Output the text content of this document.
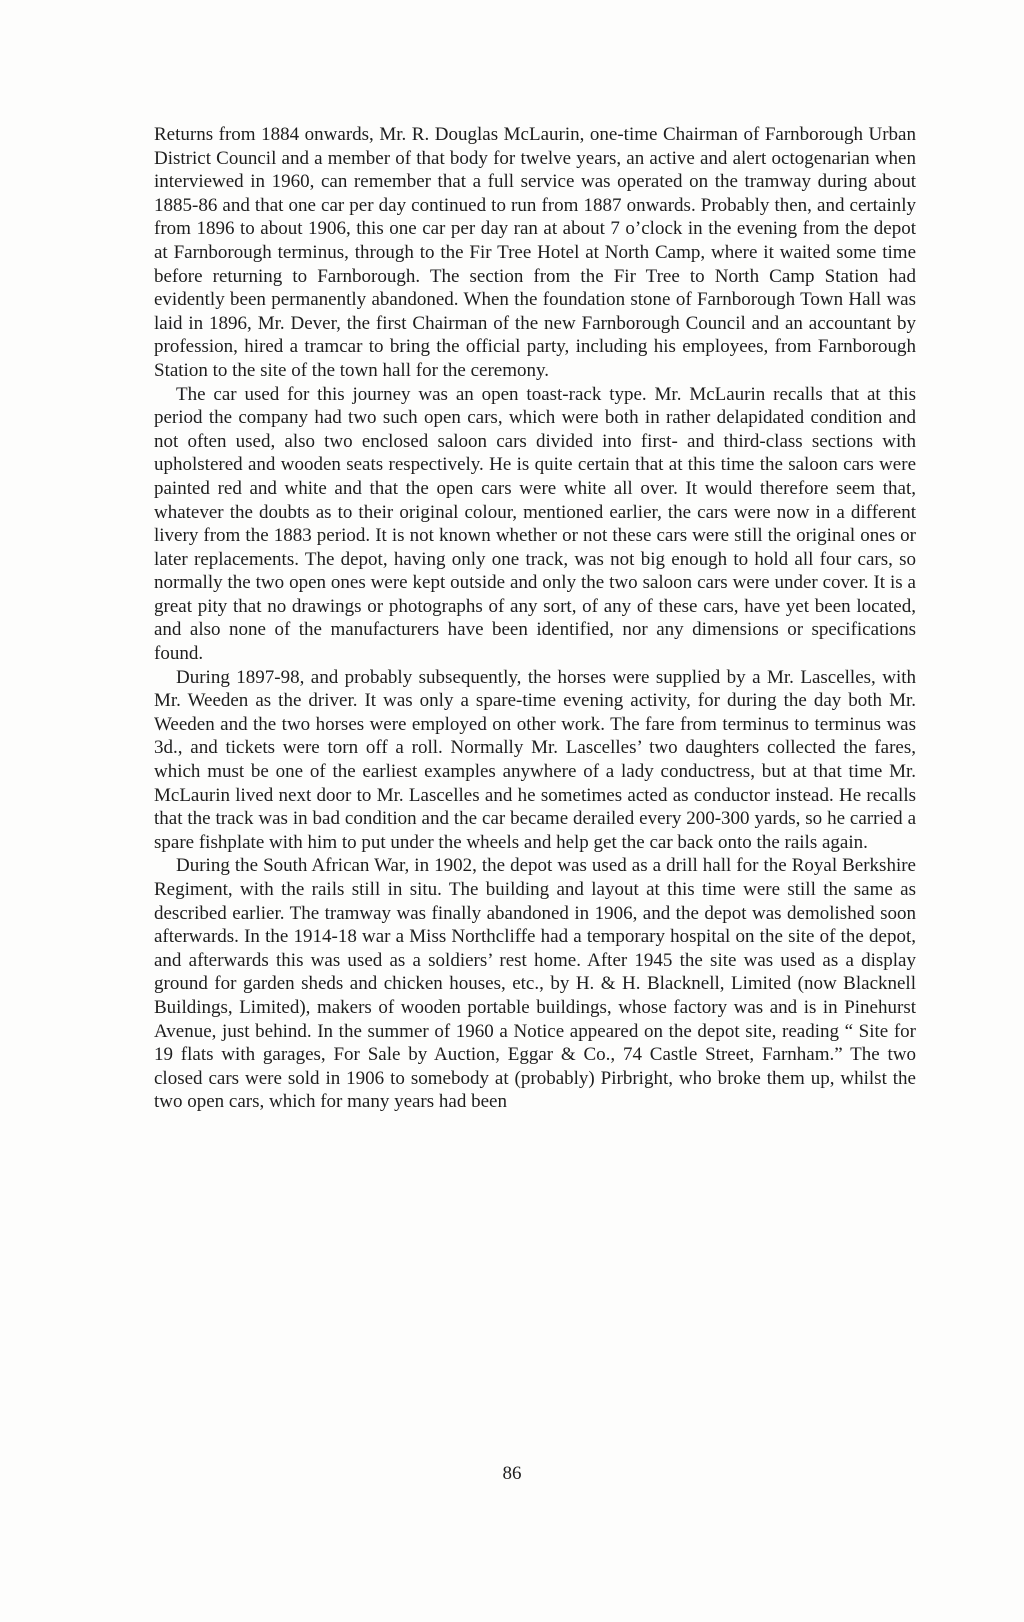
Returns from 1884 onwards, Mr. R. Douglas McLaurin, one-time Chairman of Farnborough Urban District Council and a member of that body for twelve years, an active and alert octogenarian when interviewed in 1960, can remember that a full service was operated on the tramway during about 1885-86 and that one car per day continued to run from 1887 onwards. Probably then, and certainly from 1896 to about 1906, this one car per day ran at about 7 o’clock in the evening from the depot at Farnborough terminus, through to the Fir Tree Hotel at North Camp, where it waited some time before returning to Farnborough. The section from the Fir Tree to North Camp Station had evidently been permanently abandoned. When the foundation stone of Farnborough Town Hall was laid in 1896, Mr. Dever, the first Chairman of the new Farnborough Council and an accountant by profession, hired a tramcar to bring the official party, including his employees, from Farnborough Station to the site of the town hall for the ceremony.

The car used for this journey was an open toast-rack type. Mr. McLaurin recalls that at this period the company had two such open cars, which were both in rather delapidated condition and not often used, also two enclosed saloon cars divided into first- and third-class sections with upholstered and wooden seats respectively. He is quite certain that at this time the saloon cars were painted red and white and that the open cars were white all over. It would therefore seem that, whatever the doubts as to their original colour, mentioned earlier, the cars were now in a different livery from the 1883 period. It is not known whether or not these cars were still the original ones or later replacements. The depot, having only one track, was not big enough to hold all four cars, so normally the two open ones were kept outside and only the two saloon cars were under cover. It is a great pity that no drawings or photographs of any sort, of any of these cars, have yet been located, and also none of the manufacturers have been identified, nor any dimensions or specifications found.

During 1897-98, and probably subsequently, the horses were supplied by a Mr. Lascelles, with Mr. Weeden as the driver. It was only a spare-time evening activity, for during the day both Mr. Weeden and the two horses were employed on other work. The fare from terminus to terminus was 3d., and tickets were torn off a roll. Normally Mr. Lascelles’ two daughters collected the fares, which must be one of the earliest examples anywhere of a lady conductress, but at that time Mr. McLaurin lived next door to Mr. Lascelles and he sometimes acted as conductor instead. He recalls that the track was in bad condition and the car became derailed every 200-300 yards, so he carried a spare fishplate with him to put under the wheels and help get the car back onto the rails again.

During the South African War, in 1902, the depot was used as a drill hall for the Royal Berkshire Regiment, with the rails still in situ. The building and layout at this time were still the same as described earlier. The tramway was finally abandoned in 1906, and the depot was demolished soon afterwards. In the 1914-18 war a Miss Northcliffe had a temporary hospital on the site of the depot, and afterwards this was used as a soldiers’ rest home. After 1945 the site was used as a display ground for garden sheds and chicken houses, etc., by H. & H. Blacknell, Limited (now Blacknell Buildings, Limited), makers of wooden portable buildings, whose factory was and is in Pinehurst Avenue, just behind. In the summer of 1960 a Notice appeared on the depot site, reading “ Site for 19 flats with garages, For Sale by Auction, Eggar & Co., 74 Castle Street, Farnham.” The two closed cars were sold in 1906 to somebody at (probably) Pirbright, who broke them up, whilst the two open cars, which for many years had been

86
